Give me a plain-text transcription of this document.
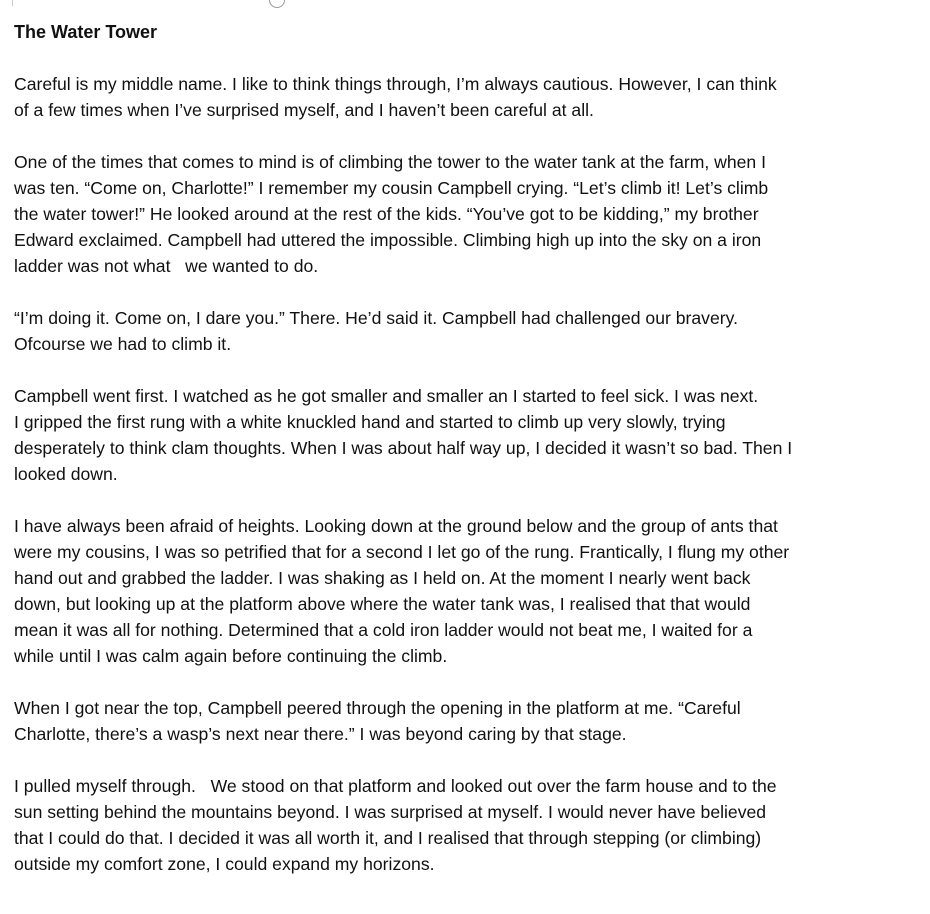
The Water Tower
Careful is my middle name. I like to think things through, I’m always cautious. However, I can think
of a few times when I’ve surprised myself, and I haven’t been careful at all.
One of the times that comes to mind is of climbing the tower to the water tank at the farm, when I
was ten. “Come on, Charlotte!” I remember my cousin Campbell crying. “Let’s climb it! Let’s climb
the water tower!” He looked around at the rest of the kids. “You’ve got to be kidding,” my brother
Edward exclaimed. Campbell had uttered the impossible. Climbing high up into the sky on a iron
ladder was not what   we wanted to do.
“I’m doing it. Come on, I dare you.” There. He’d said it. Campbell had challenged our bravery.
Ofcourse we had to climb it.
Campbell went first. I watched as he got smaller and smaller an I started to feel sick. I was next.
I gripped the first rung with a white knuckled hand and started to climb up very slowly, trying
desperately to think clam thoughts. When I was about half way up, I decided it wasn’t so bad. Then I
looked down.
I have always been afraid of heights. Looking down at the ground below and the group of ants that
were my cousins, I was so petrified that for a second I let go of the rung. Frantically, I flung my other
hand out and grabbed the ladder. I was shaking as I held on. At the moment I nearly went back
down, but looking up at the platform above where the water tank was, I realised that that would
mean it was all for nothing. Determined that a cold iron ladder would not beat me, I waited for a
while until I was calm again before continuing the climb.
When I got near the top, Campbell peered through the opening in the platform at me. “Careful
Charlotte, there’s a wasp’s next near there.” I was beyond caring by that stage.
I pulled myself through.   We stood on that platform and looked out over the farm house and to the
sun setting behind the mountains beyond. I was surprised at myself. I would never have believed
that I could do that. I decided it was all worth it, and I realised that through stepping (or climbing)
outside my comfort zone, I could expand my horizons.
